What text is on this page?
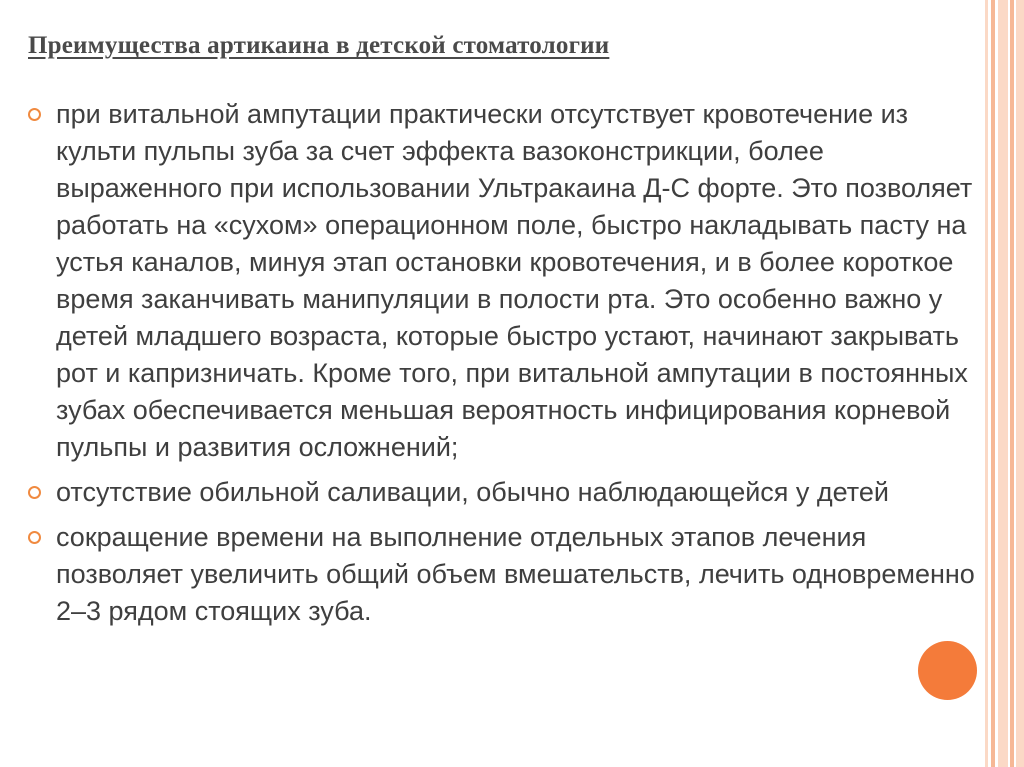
Преимущества артикаина в детской стоматологии
при витальной ампутации практически отсутствует кровотечение из культи пульпы зуба за счет эффекта вазоконстрикции, более выраженного при использовании Ультракаина Д-С форте. Это позволяет работать на «сухом» операционном поле, быстро накладывать пасту на устья каналов, минуя этап остановки кровотечения, и в более короткое время заканчивать манипуляции в полости рта. Это особенно важно у детей младшего возраста, которые быстро устают, начинают закрывать рот и капризничать. Кроме того, при витальной ампутации в постоянных зубах обеспечивается меньшая вероятность инфицирования корневой пульпы и развития осложнений;
отсутствие обильной саливации, обычно наблюдающейся у детей
сокращение времени на выполнение отдельных этапов лечения позволяет увеличить общий объем вмешательств, лечить одновременно 2–3 рядом стоящих зуба.
